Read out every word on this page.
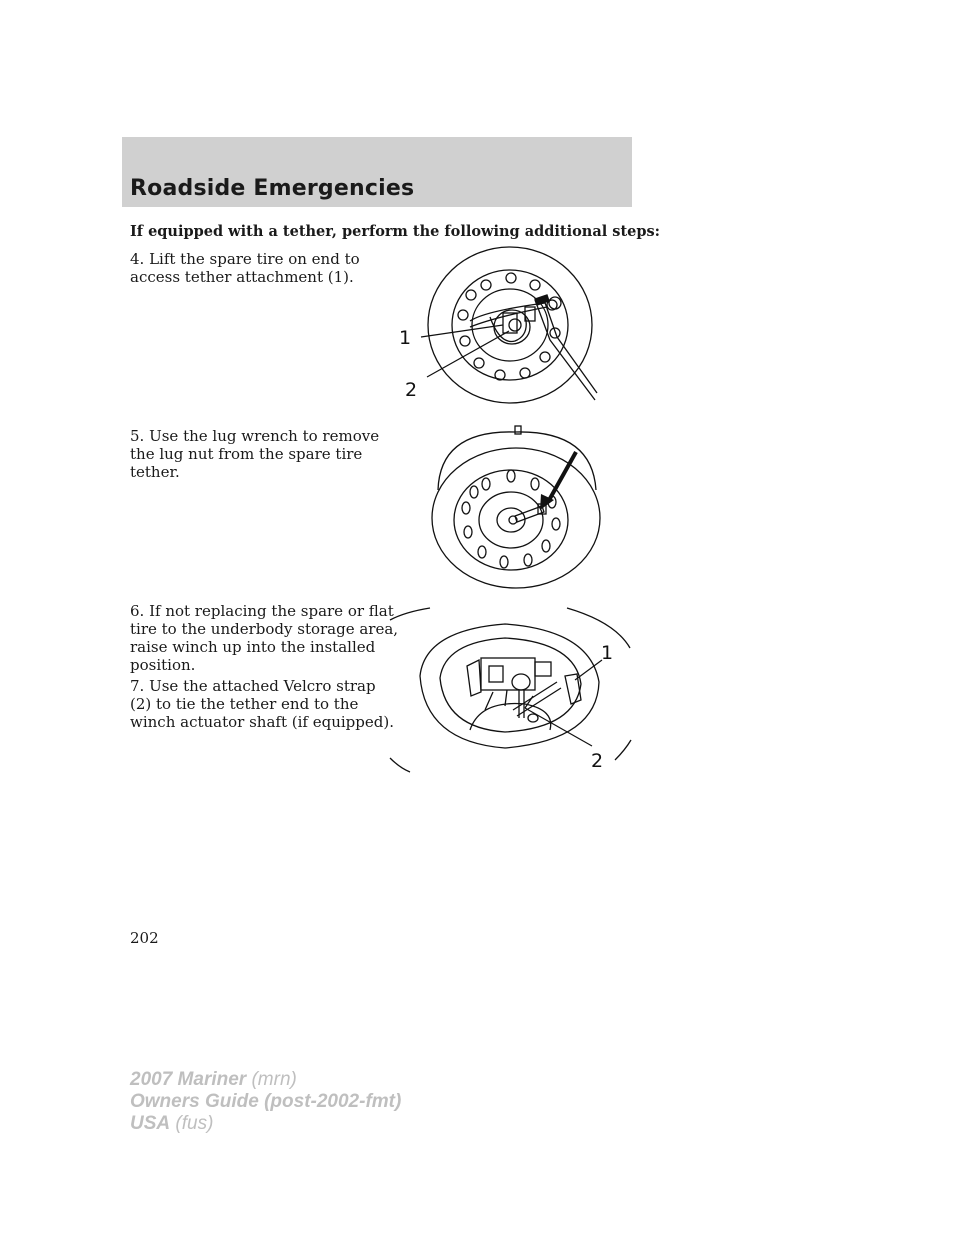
Roadside Emergencies
If equipped with a tether, perform the following additional steps:
4. Lift the spare tire on end to access tether attachment (1).
5. Use the lug wrench to remove the lug nut from the spare tire tether.
6. If not replacing the spare or flat tire to the underbody storage area, raise winch up into the installed position.
7. Use the attached Velcro strap (2) to tie the tether end to the winch actuator shaft (if equipped).
1
2
1
2
202
2007 Mariner (mrn)
Owners Guide (post-2002-fmt)
USA (fus)
